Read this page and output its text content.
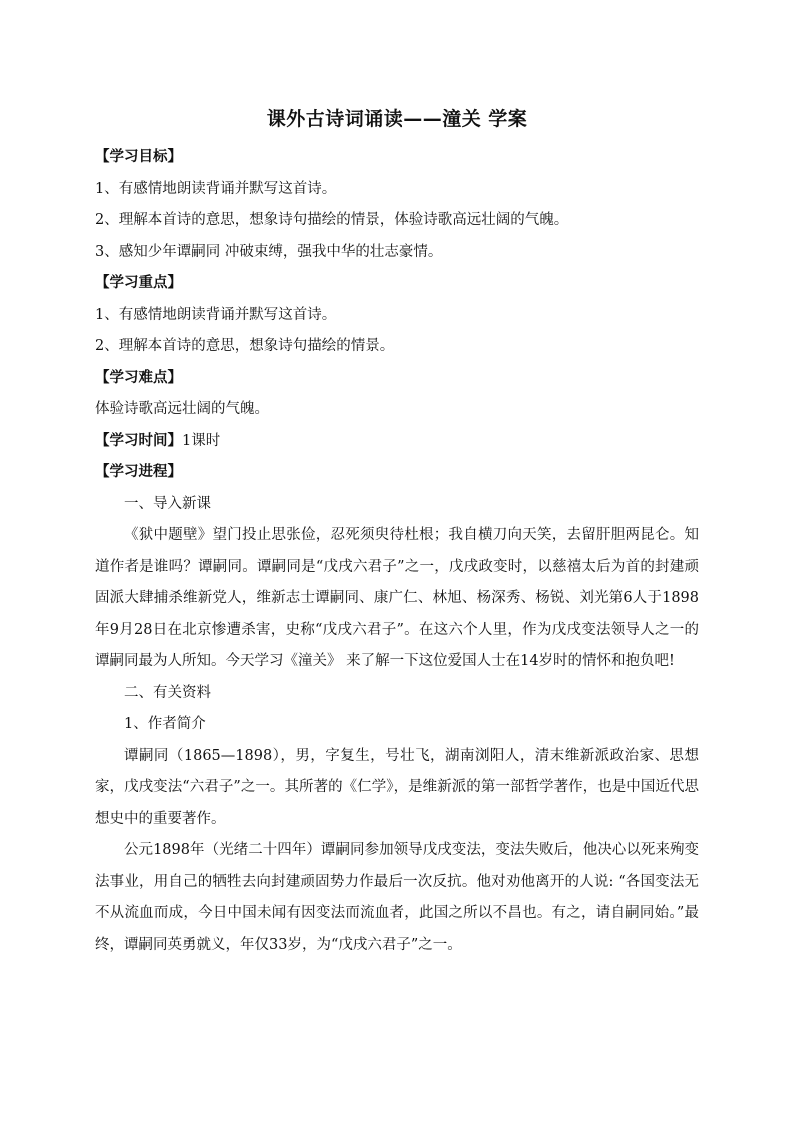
课外古诗词诵读——潼关 学案
【学习目标】
1、有感情地朗读背诵并默写这首诗。
2、理解本首诗的意思，想象诗句描绘的情景，体验诗歌高远壮阔的气魄。
3、感知少年谭嗣同 冲破束缚，强我中华的壮志豪情。
【学习重点】
1、有感情地朗读背诵并默写这首诗。
2、理解本首诗的意思，想象诗句描绘的情景。
【学习难点】
体验诗歌高远壮阔的气魄。
【学习时间】1课时
【学习进程】
一、导入新课

《狱中题壁》望门投止思张俭，忍死须臾待杜根；我自横刀向天笑，去留肝胆两昆仑。知道作者是谁吗？谭嗣同。谭嗣同是“戊戌六君子”之一，戊戌政变时，以慈禧太后为首的封建顽固派大肆捕杀维新党人，维新志士谭嗣同、康广仁、林旭、杨深秀、杨锐、刘光第6人于1898年9月28日在北京惨遭杀害，史称“戊戌六君子”。在这六个人里，作为戊戌变法领导人之一的谭嗣同最为人所知。今天学习《潼关》 来了解一下这位爱国人士在14岁时的情怀和抱负吧!

二、有关资料
1、作者简介

谭嗣同（1865—1898），男，字复生，号壮飞，湖南浏阳人，清末维新派政治家、思想家，戊戌变法“六君子”之一。其所著的《仁学》，是维新派的第一部哲学著作，也是中国近代思想史中的重要著作。

公元1898年（光绪二十四年）谭嗣同参加领导戊戌变法，变法失败后，他决心以死来殉变法事业，用自己的牺牲去向封建顽固势力作最后一次反抗。他对劝他离开的人说: “各国变法无不从流血而成，今日中国未闻有因变法而流血者，此国之所以不昌也。有之，请自嗣同始。”最终，谭嗣同英勇就义，年仅33岁，为“戊戌六君子”之一。
